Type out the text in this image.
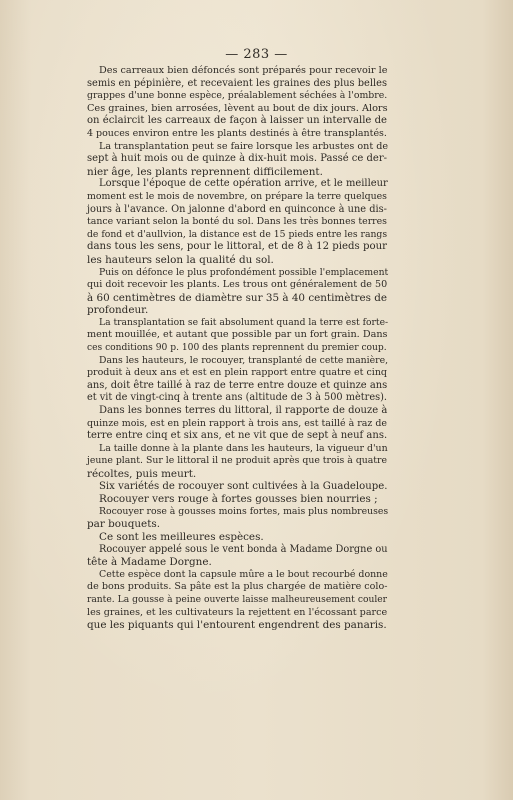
— 283 —

Des carreaux bien défoncés sont préparés pour recevoir le
semis en pépinière, et recevaient les graines des plus belles
grappes d'une bonne espèce, préalablement séchées à l'ombre.
Ces graines, bien arrosées, lèvent au bout de dix jours. Alors
on éclaircit les carreaux de façon à laisser un intervalle de
4 pouces environ entre les plants destinés à être transplantés.

La transplantation peut se faire lorsque les arbustes ont de
sept à huit mois ou de quinze à dix-huit mois. Passé ce der-
nier âge, les plants reprennent difficilement.

Lorsque l'époque de cette opération arrive, et le meilleur
moment est le mois de novembre, on prépare la terre quelques
jours à l'avance. On jalonne d'abord en quinconce à une dis-
tance variant selon la bonté du sol. Dans les très bonnes terres
de fond et d'aullvion, la distance est de 15 pieds entre les rangs
dans tous les sens, pour le littoral, et de 8 à 12 pieds pour
les hauteurs selon la qualité du sol.

Puis on défonce le plus profondément possible l'emplacement
qui doit recevoir les plants. Les trous ont généralement de 50
à 60 centimètres de diamètre sur 35 à 40 centimètres de
profondeur.

La transplantation se fait absolument quand la terre est forte-
ment mouillée, et autant que possible par un fort grain. Dans
ces conditions 90 p. 100 des plants reprennent du premier coup.

Dans les hauteurs, le rocouyer, transplanté de cette manière,
produit à deux ans et est en plein rapport entre quatre et cinq
ans, doit être taillé à raz de terre entre douze et quinze ans
et vit de vingt-cinq à trente ans (altitude de 3 à 500 mètres).

Dans les bonnes terres du littoral, il rapporte de douze à
quinze mois, est en plein rapport à trois ans, est taillé à raz de
terre entre cinq et six ans, et ne vit que de sept à neuf ans.

La taille donne à la plante dans les hauteurs, la vigueur d'un
jeune plant. Sur le littoral il ne produit après que trois à quatre
récoltes, puis meurt.

Six variétés de rocouyer sont cultivées à la Guadeloupe.

Rocouyer vers rouge à fortes gousses bien nourries ;

Rocouyer rose à gousses moins fortes, mais plus nombreuses
par bouquets.

Ce sont les meilleures espèces.

Rocouyer appelé sous le vent bonda à Madame Dorgne ou
tête à Madame Dorgne.

Cette espèce dont la capsule mûre a le bout recourbé donne
de bons produits. Sa pâte est la plus chargée de matière colo-
rante. La gousse à peine ouverte laisse malheureusement couler
les graines, et les cultivateurs la rejettent en l'écossant parce
que les piquants qui l'entourent engendrent des panaris.
